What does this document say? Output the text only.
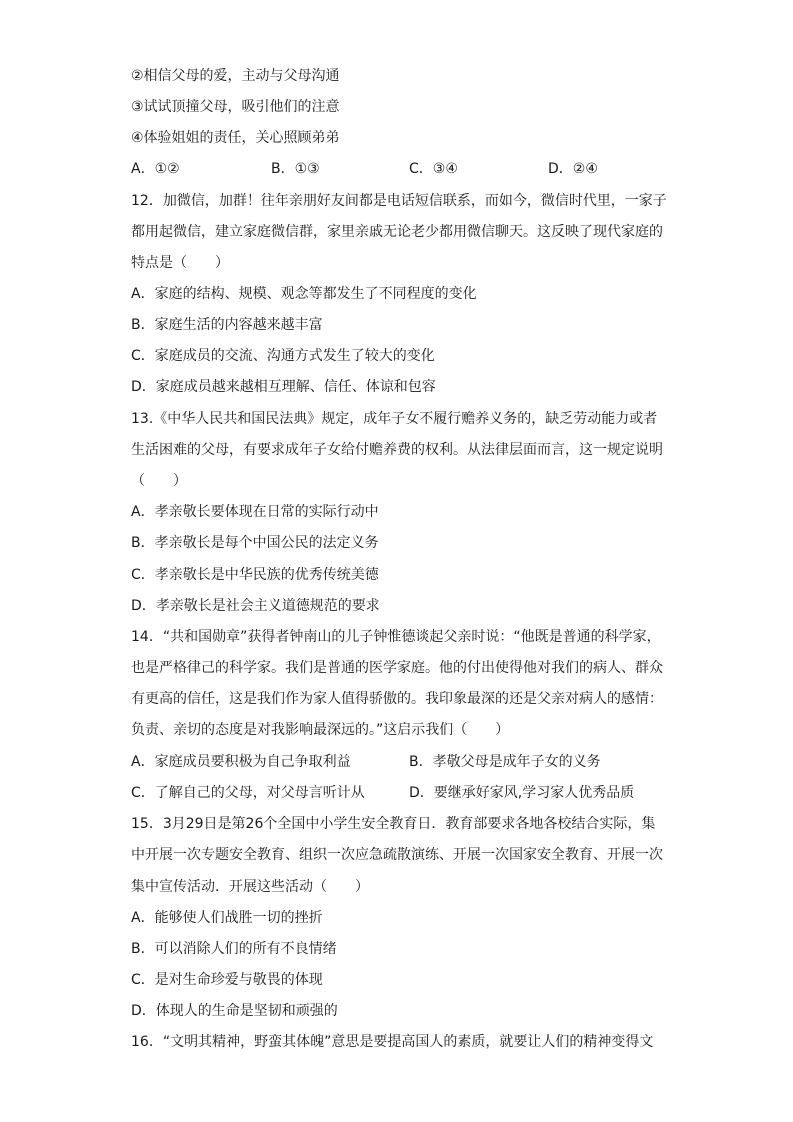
②相信父母的爱，主动与父母沟通
③试试顶撞父母，吸引他们的注意
④体验姐姐的责任，关心照顾弟弟
A．①②	B．①③	C．③④	D．②④
12．加微信，加群！往年亲朋好友间都是电话短信联系，而如今，微信时代里，一家子
都用起微信，建立家庭微信群，家里亲戚无论老少都用微信聊天。这反映了现代家庭的
特点是（　　）
A．家庭的结构、规模、观念等都发生了不同程度的变化
B．家庭生活的内容越来越丰富
C．家庭成员的交流、沟通方式发生了较大的变化
D．家庭成员越来越相互理解、信任、体谅和包容
13.《中华人民共和国民法典》规定，成年子女不履行赡养义务的，缺乏劳动能力或者
生活困难的父母，有要求成年子女给付赡养费的权利。从法律层面而言，这一规定说明
（　　）
A．孝亲敬长要体现在日常的实际行动中
B．孝亲敬长是每个中国公民的法定义务
C．孝亲敬长是中华民族的优秀传统美德
D．孝亲敬长是社会主义道德规范的要求
14．“共和国勋章”获得者钟南山的儿子钟惟德谈起父亲时说：“他既是普通的科学家，
也是严格律己的科学家。我们是普通的医学家庭。他的付出使得他对我们的病人、群众
有更高的信任，这是我们作为家人值得骄傲的。我印象最深的还是父亲对病人的感情：
负责、亲切的态度是对我影响最深远的。”这启示我们（　　）
A．家庭成员要积极为自己争取利益	B．孝敬父母是成年子女的义务
C．了解自己的父母，对父母言听计从	D．要继承好家风,学习家人优秀品质
15．3月29日是第26个全国中小学生安全教育日．教育部要求各地各校结合实际，集
中开展一次专题安全教育、组织一次应急疏散演练、开展一次国家安全教育、开展一次
集中宣传活动．开展这些活动（　　）
A．能够使人们战胜一切的挫折
B．可以消除人们的所有不良情绪
C．是对生命珍爱与敬畏的体现
D．体现人的生命是坚韧和顽强的
16．“文明其精神，野蛮其体魄”意思是要提高国人的素质，就要让人们的精神变得文
